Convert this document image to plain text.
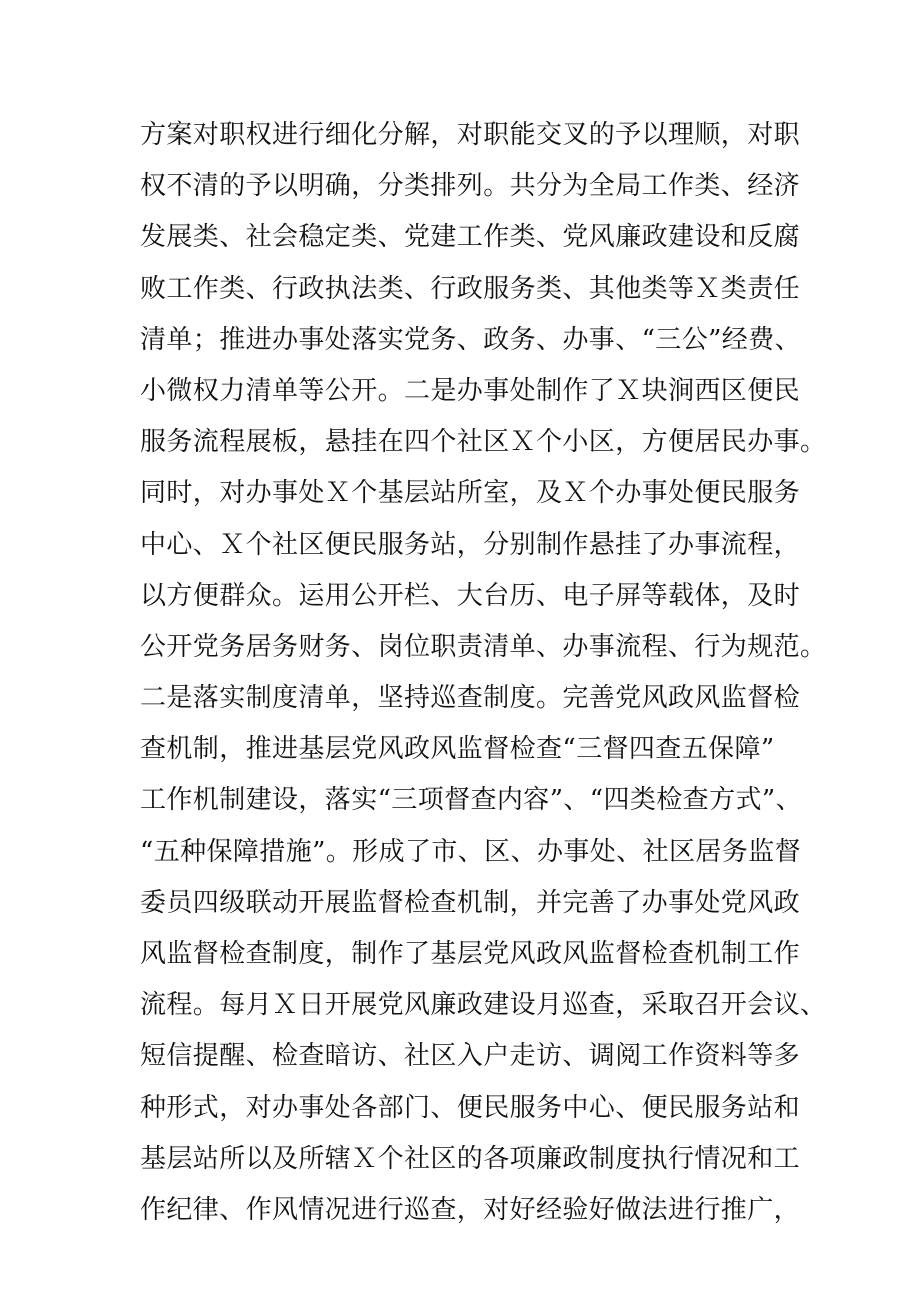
方案对职权进行细化分解，对职能交叉的予以理顺，对职
权不清的予以明确，分类排列。共分为全局工作类、经济
发展类、社会稳定类、党建工作类、党风廉政建设和反腐
败工作类、行政执法类、行政服务类、其他类等Ｘ类责任
清单；推进办事处落实党务、政务、办事、“三公”经费、
小微权力清单等公开。二是办事处制作了Ｘ块涧西区便民
服务流程展板，悬挂在四个社区Ｘ个小区，方便居民办事。
同时，对办事处Ｘ个基层站所室，及Ｘ个办事处便民服务
中心、Ｘ个社区便民服务站，分别制作悬挂了办事流程，
以方便群众。运用公开栏、大台历、电子屏等载体，及时
公开党务居务财务、岗位职责清单、办事流程、行为规范。
二是落实制度清单，坚持巡查制度。完善党风政风监督检
查机制，推进基层党风政风监督检查“三督四查五保障”
工作机制建设，落实“三项督查内容”、“四类检查方式”、
“五种保障措施”。形成了市、区、办事处、社区居务监督
委员四级联动开展监督检查机制，并完善了办事处党风政
风监督检查制度，制作了基层党风政风监督检查机制工作
流程。每月Ｘ日开展党风廉政建设月巡查，采取召开会议、
短信提醒、检查暗访、社区入户走访、调阅工作资料等多
种形式，对办事处各部门、便民服务中心、便民服务站和
基层站所以及所辖Ｘ个社区的各项廉政制度执行情况和工
作纪律、作风情况进行巡查，对好经验好做法进行推广，
